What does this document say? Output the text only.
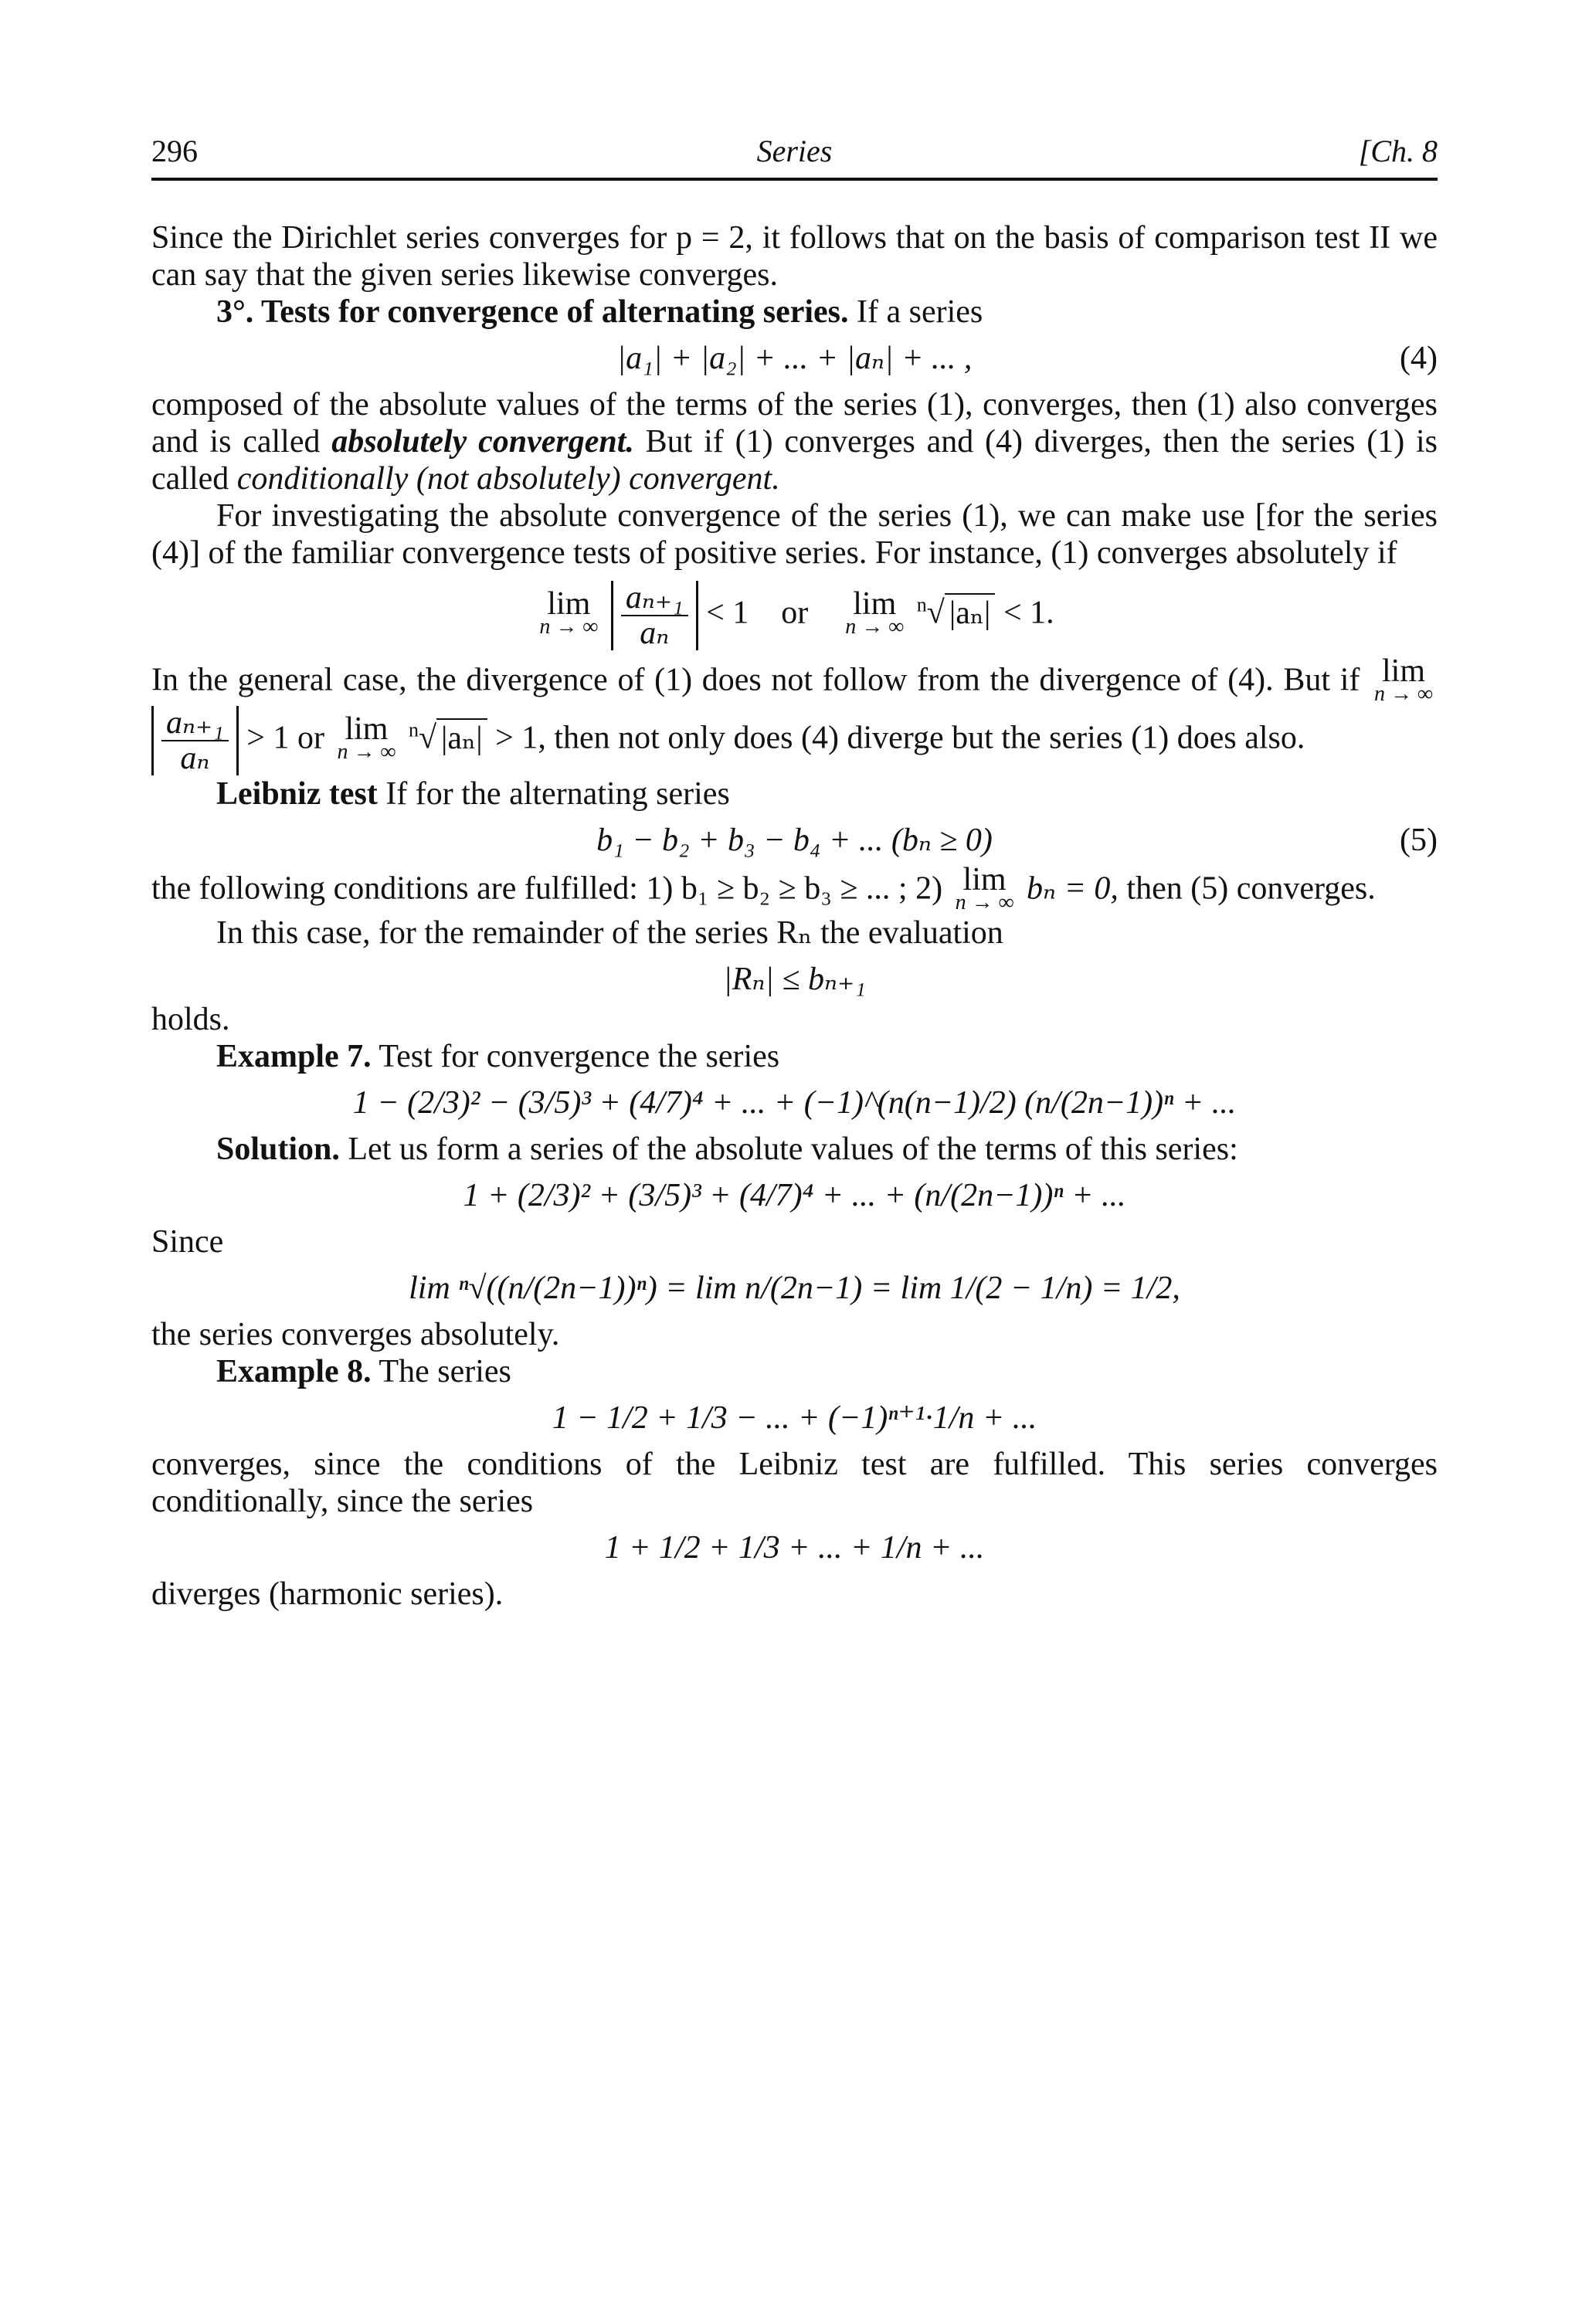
296	Series	[Ch. 8

Since the Dirichlet series converges for p = 2, it follows that on the basis of comparison test II we can say that the given series likewise converges.

3°. Tests for convergence of alternating series. If a series

|a₁| + |a₂| + ... + |aₙ| + ... ,	(4)

composed of the absolute values of the terms of the series (1), converges, then (1) also converges and is called absolutely convergent. But if (1) converges and (4) diverges, then the series (1) is called conditionally (not absolutely) convergent.

For investigating the absolute convergence of the series (1), we can make use [for the series (4)] of the familiar convergence tests of positive series. For instance, (1) converges absolutely if

lim
n → ∞
$\frac{\text{aₙ₊₁}}{\text{aₙ}} < 1$ or lim
n → ∞
$^n$√ |aₙ| < 1.

In the general case, the divergence of (1) does not follow from the divergence of (4). But if lim
n → ∞

$\frac{\text{aₙ₊₁}}{\text{aₙ}} > 1$ or lim
n → ∞
$^n$√ |aₙ| > 1, then not only does (4) diverge but the series (1) does also.

Leibniz test If for the alternating series

b₁ − b₂ + b₃ − b₄ + ... (bₙ ≥ 0)	(5)

the following conditions are fulfilled: 1) b₁ ≥ b₂ ≥ b₃ ≥ ... ; 2) lim
n → ∞ bₙ = 0, then (5) converges.

In this case, for the remainder of the series Rₙ the evaluation

|Rₙ| ≤ bₙ₊₁

holds.

Example 7. Test for convergence the series

1 − (2/3)² − (3/5)³ + (4/7)⁴ + ... + (−1)^(n(n−1)/2) (n/(2n−1))ⁿ + ...

Solution. Let us form a series of the absolute values of the terms of this series:

1 + (2/3)² + (3/5)³ + (4/7)⁴ + ... + (n/(2n−1))ⁿ + ...

Since

lim ⁿ√((n/(2n−1))ⁿ) = lim n/(2n−1) = lim 1/(2 − 1/n) = 1/2,

the series converges absolutely.

Example 8. The series

1 − 1/2 + 1/3 − ... + (−1)ⁿ⁺¹·1/n + ...

converges, since the conditions of the Leibniz test are fulfilled. This series converges conditionally, since the series

1 + 1/2 + 1/3 + ... + 1/n + ...

diverges (harmonic series).
